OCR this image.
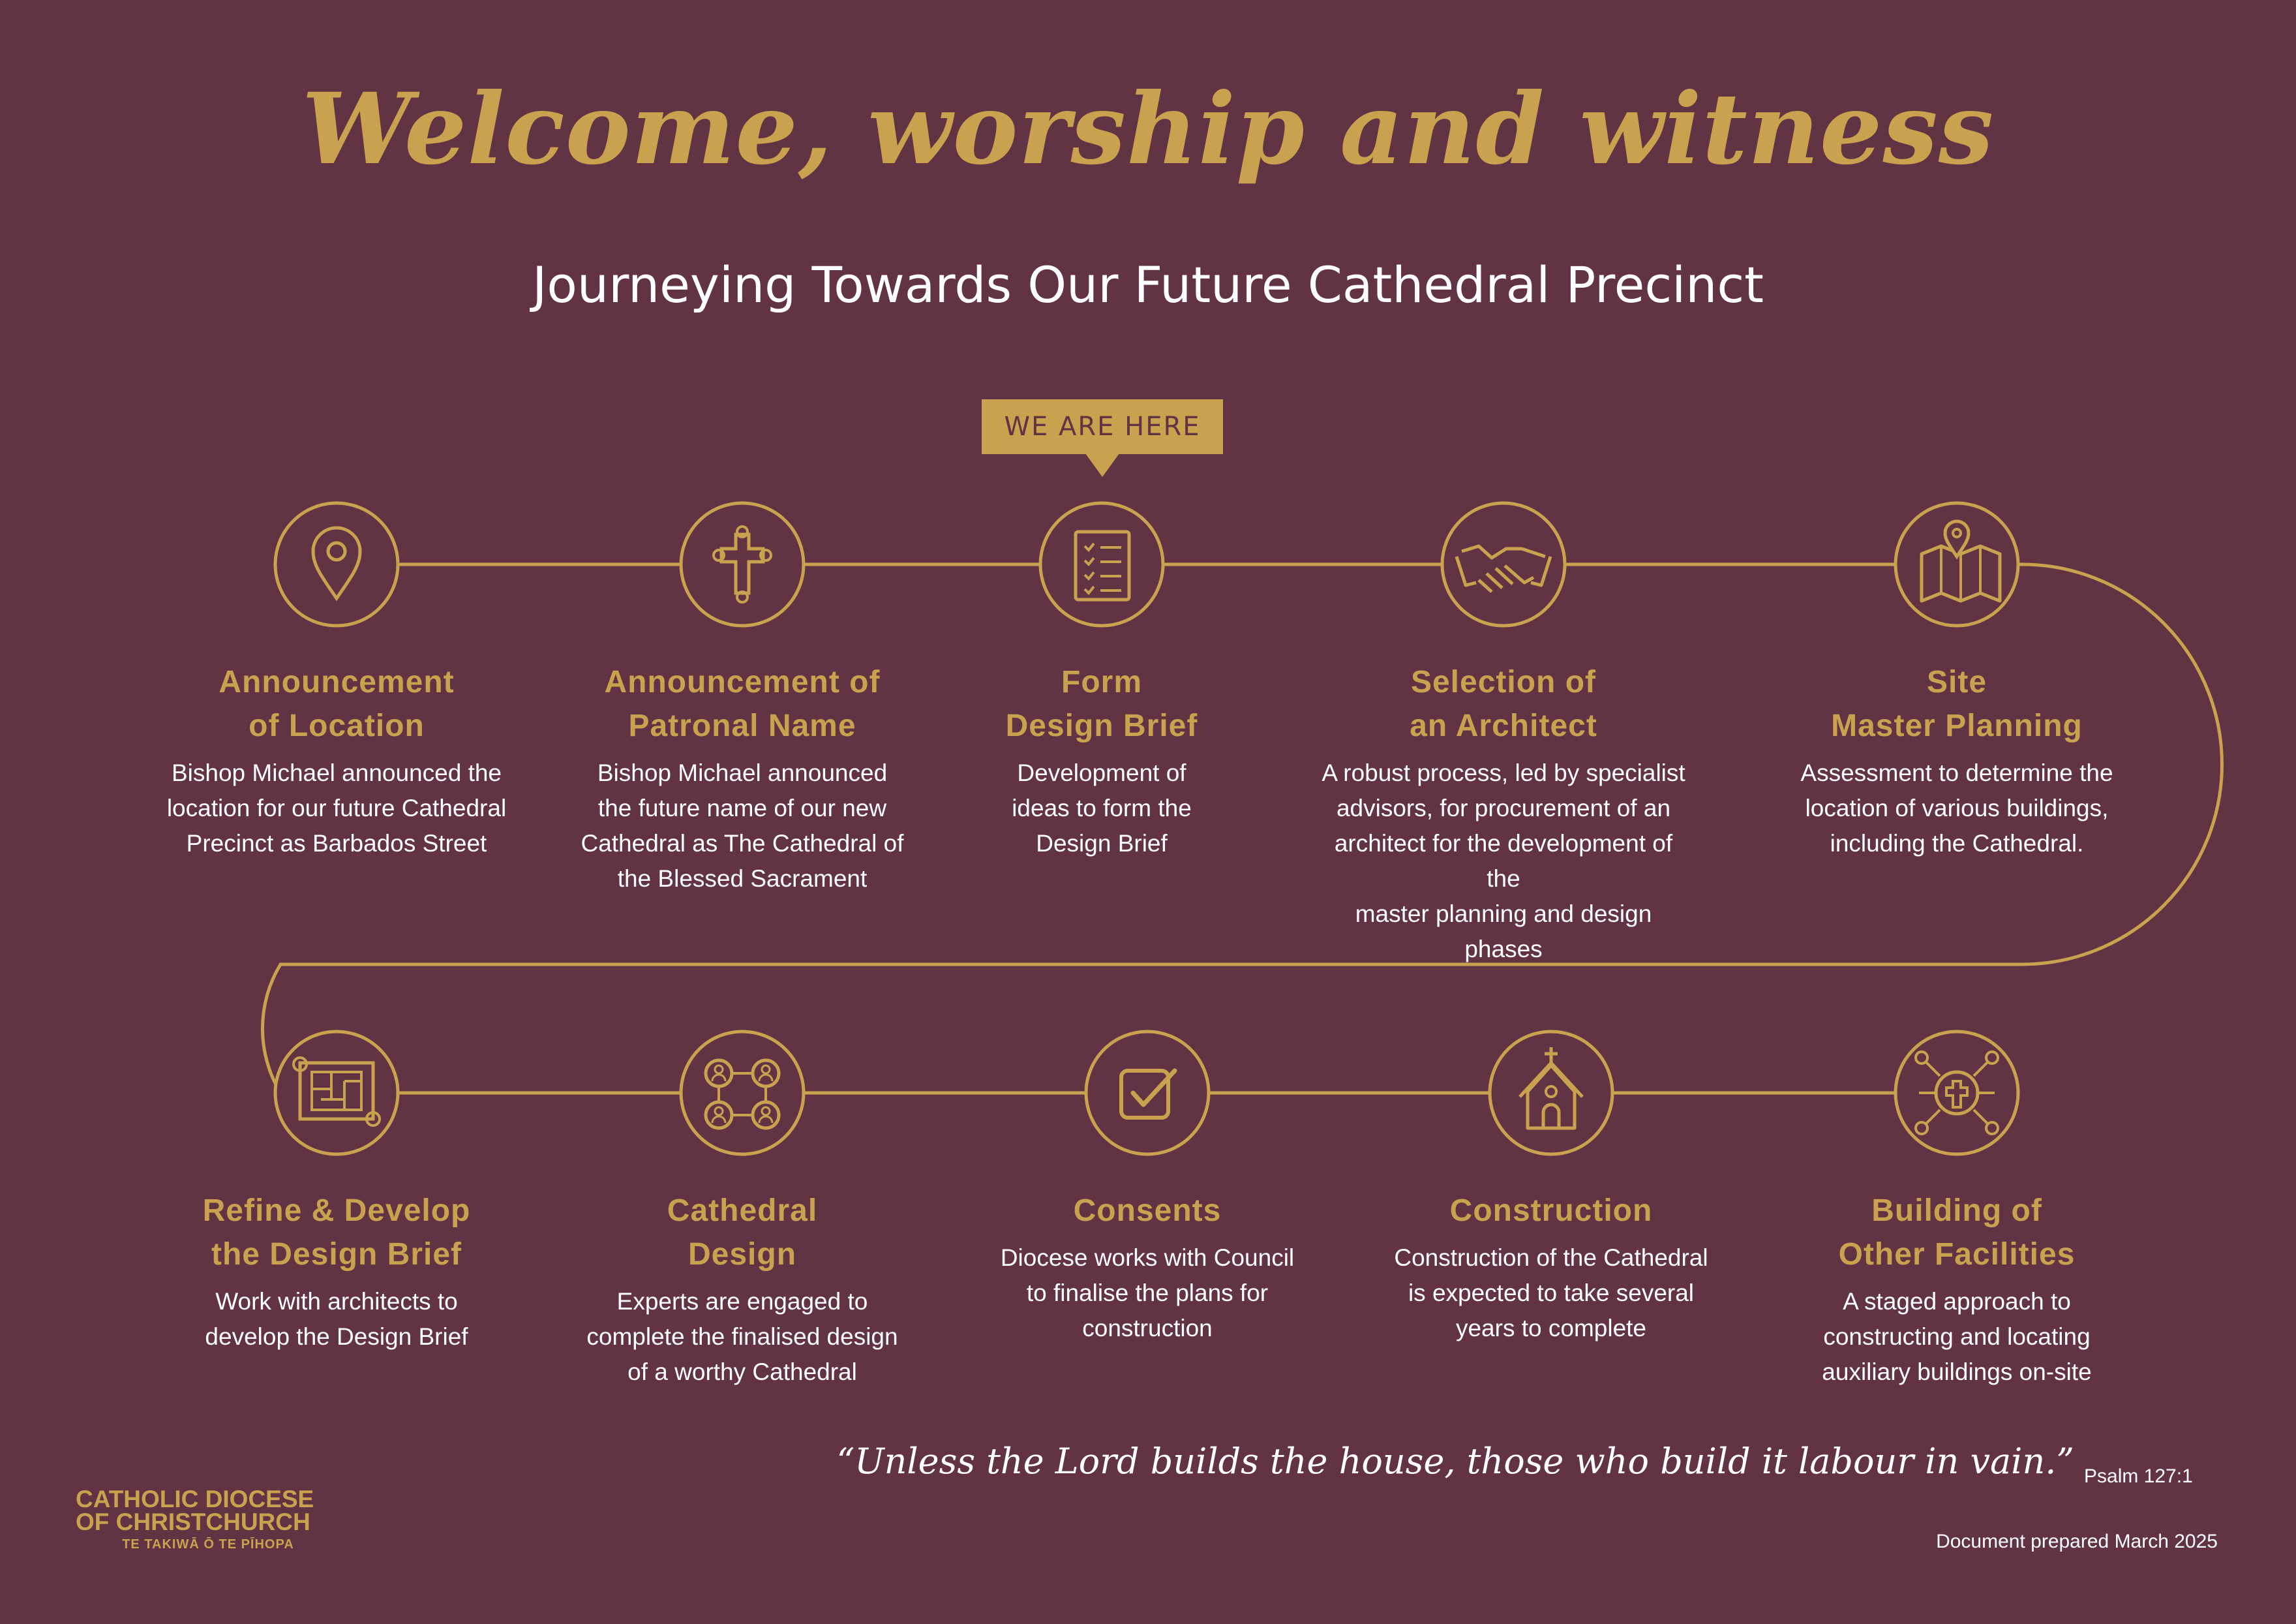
Welcome, worship and witness
Journeying Towards Our Future Cathedral Precinct
WE ARE HERE
Announcement
of Location
Bishop Michael announced the
location for our future Cathedral
Precinct as Barbados Street
Announcement of
Patronal Name
Bishop Michael announced
the future name of our new
Cathedral as The Cathedral of
the Blessed Sacrament
Form
Design Brief
Development of
ideas to form the
Design Brief
Selection of
an Architect
A robust process, led by specialist
advisors, for procurement of an
architect for the development of the
master planning and design phases
Site
Master Planning
Assessment to determine the
location of various buildings,
including the Cathedral.
Refine & Develop
the Design Brief
Work with architects to
develop the Design Brief
Cathedral
Design
Experts are engaged to
complete the finalised design
of a worthy Cathedral
Consents
Diocese works with Council
to finalise the plans for
construction
Construction
Construction of the Cathedral
is expected to take several
years to complete
Building of
Other Facilities
A staged approach to
constructing and locating
auxiliary buildings on-site
“Unless the Lord builds the house, those who build it labour in vain.” Psalm 127:1
Document prepared March 2025
CATHOLIC DIOCESE
OF CHRISTCHURCH
TE TAKIWĀ Ō TE PĪHOPA
